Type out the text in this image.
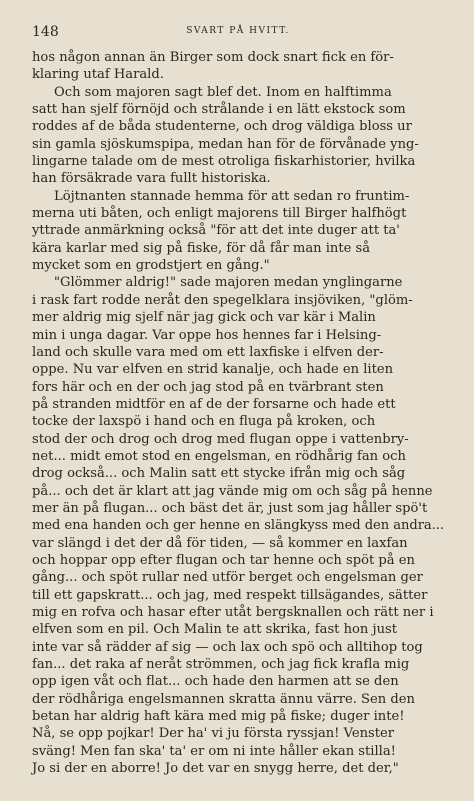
148	SVART PÅ HVITT.
hos någon annan än Birger som dock snart fick en för-
klaring utaf Harald.
Och som majoren sagt blef det. Inom en halftimma
satt han sjelf förnöjd och strålande i en lätt ekstock som
roddes af de båda studenterne, och drog väldiga bloss ur
sin gamla sjöskumspipa, medan han för de förvånade yng-
lingarne talade om de mest otroliga fiskarhistorier, hvilka
han försäkrade vara fullt historiska.
Löjtnanten stannade hemma för att sedan ro fruntim-
merna uti båten, och enligt majorens till Birger halfhögt
yttrade anmärkning också "för att det inte duger att ta'
kära karlar med sig på fiske, för då får man inte så
mycket som en grodstjert en gång."
"Glömmer aldrig!" sade majoren medan ynglingarne
i rask fart rodde neråt den spegelklara insjöviken, "glöm-
mer aldrig mig sjelf när jag gick och var kär i Malin
min i unga dagar. Var oppe hos hennes far i Helsing-
land och skulle vara med om ett laxfiske i elfven der-
oppe. Nu var elfven en strid kanalje, och hade en liten
fors här och en der och jag stod på en tvärbrant sten
på stranden midtför en af de der forsarne och hade ett
tocke der laxspö i hand och en fluga på kroken, och
stod der och drog och drog med flugan oppe i vattenbry-
net... midt emot stod en engelsman, en rödhårig fan och
drog också... och Malin satt ett stycke ifrån mig och såg
på... och det är klart att jag vände mig om och såg på henne
mer än på flugan... och bäst det är, just som jag håller spö't
med ena handen och ger henne en slängkyss med den andra...
var slängd i det der då för tiden, — så kommer en laxfan
och hoppar opp efter flugan och tar henne och spöt på en
gång... och spöt rullar ned utför berget och engelsman ger
till ett gapskratt... och jag, med respekt tillsägandes, sätter
mig en rofva och hasar efter utåt bergsknallen och rätt ner i
elfven som en pil. Och Malin te att skrika, fast hon just
inte var så rädder af sig — och lax och spö och alltihop tog
fan... det raka af neråt strömmen, och jag fick krafla mig
opp igen våt och flat... och hade den harmen att se den
der rödhåriga engelsmannen skratta ännu värre. Sen den
betan har aldrig haft kära med mig på fiske; duger inte!
Nå, se opp pojkar! Der ha' vi ju första ryssjan! Venster
sväng! Men fan ska' ta' er om ni inte håller ekan stilla!
Jo si der en aborre! Jo det var en snygg herre, det der,"
